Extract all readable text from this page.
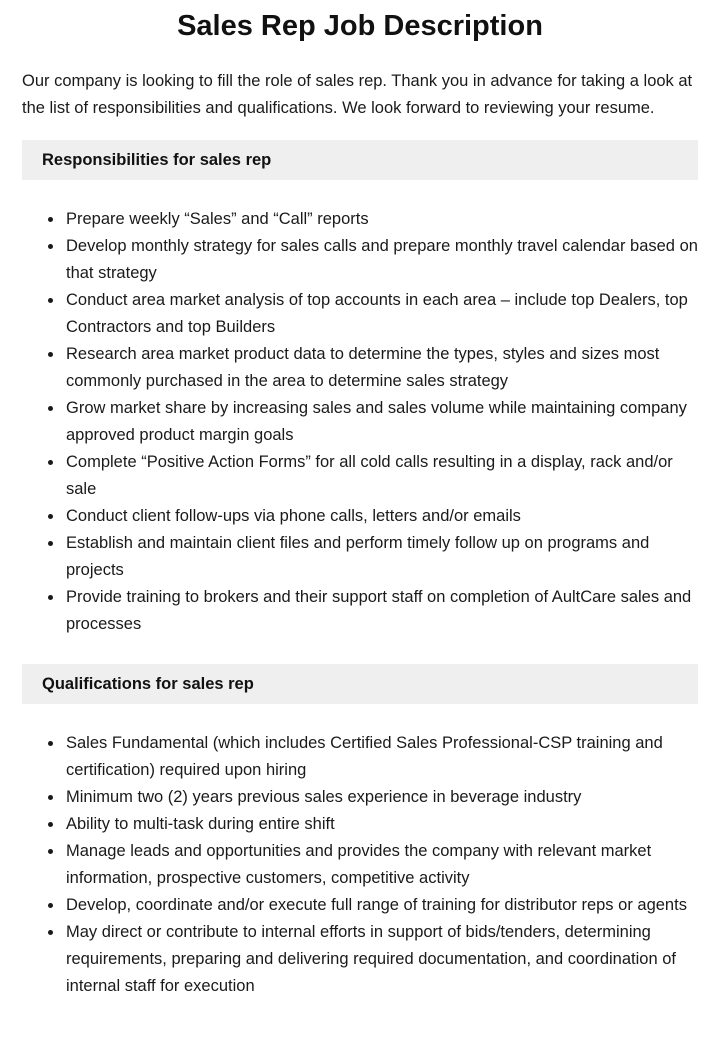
Sales Rep Job Description

Our company is looking to fill the role of sales rep. Thank you in advance for taking a look at the list of responsibilities and qualifications. We look forward to reviewing your resume.

Responsibilities for sales rep
• Prepare weekly “Sales” and “Call” reports
• Develop monthly strategy for sales calls and prepare monthly travel calendar based on that strategy
• Conduct area market analysis of top accounts in each area – include top Dealers, top Contractors and top Builders
• Research area market product data to determine the types, styles and sizes most commonly purchased in the area to determine sales strategy
• Grow market share by increasing sales and sales volume while maintaining company approved product margin goals
• Complete “Positive Action Forms” for all cold calls resulting in a display, rack and/or sale
• Conduct client follow-ups via phone calls, letters and/or emails
• Establish and maintain client files and perform timely follow up on programs and projects
• Provide training to brokers and their support staff on completion of AultCare sales and processes
Qualifications for sales rep
• Sales Fundamental (which includes Certified Sales Professional-CSP training and certification) required upon hiring
• Minimum two (2) years previous sales experience in beverage industry
• Ability to multi-task during entire shift
• Manage leads and opportunities and provides the company with relevant market information, prospective customers, competitive activity
• Develop, coordinate and/or execute full range of training for distributor reps or agents
• May direct or contribute to internal efforts in support of bids/tenders, determining requirements, preparing and delivering required documentation, and coordination of internal staff for execution
